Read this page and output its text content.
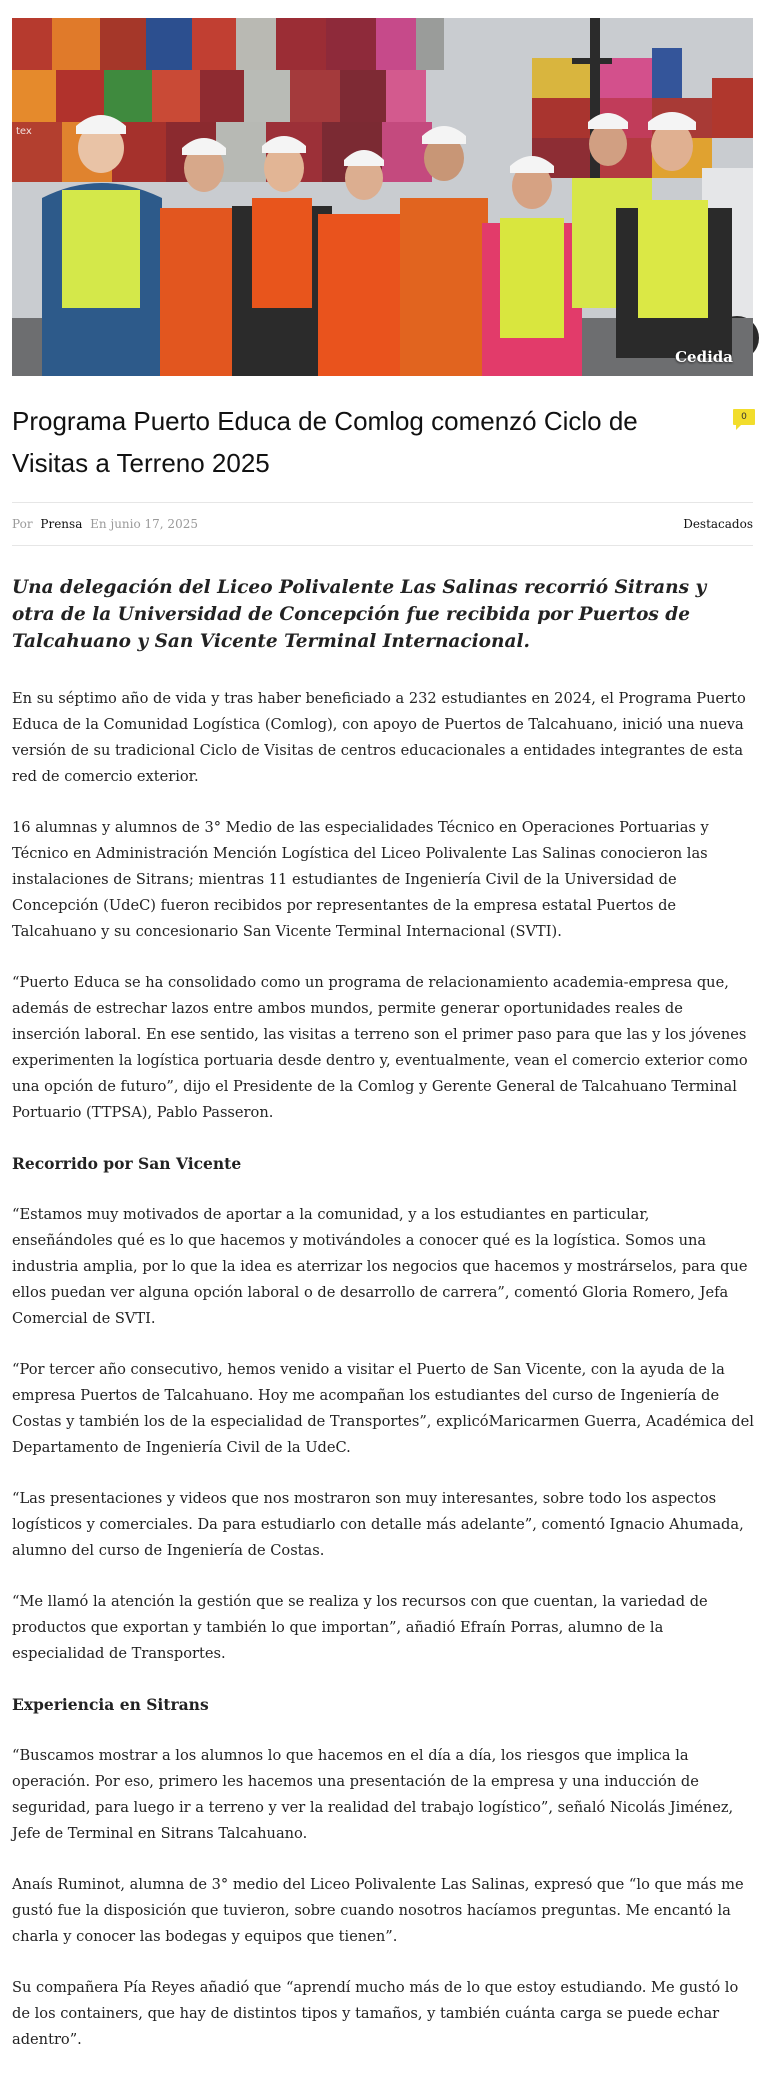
tex
Cedida
Programa Puerto Educa de Comlog comenzó Ciclo de Visitas a Terreno 2025
0
Por Prensa En junio 17, 2025	Destacados
Una delegación del Liceo Polivalente Las Salinas recorrió Sitrans y otra de la Universidad de Concepción fue recibida por Puertos de Talcahuano y San Vicente Terminal Internacional.

En su séptimo año de vida y tras haber beneficiado a 232 estudiantes en 2024, el Programa Puerto Educa de la Comunidad Logística (Comlog), con apoyo de Puertos de Talcahuano, inició una nueva versión de su tradicional Ciclo de Visitas de centros educacionales a entidades integrantes de esta red de comercio exterior.

16 alumnas y alumnos de 3° Medio de las especialidades Técnico en Operaciones Portuarias y Técnico en Administración Mención Logística del Liceo Polivalente Las Salinas conocieron las instalaciones de Sitrans; mientras 11 estudiantes de Ingeniería Civil de la Universidad de Concepción (UdeC) fueron recibidos por representantes de la empresa estatal Puertos de Talcahuano y su concesionario San Vicente Terminal Internacional (SVTI).

“Puerto Educa se ha consolidado como un programa de relacionamiento academia-empresa que, además de estrechar lazos entre ambos mundos, permite generar oportunidades reales de inserción laboral. En ese sentido, las visitas a terreno son el primer paso para que las y los jóvenes experimenten la logística portuaria desde dentro y, eventualmente, vean el comercio exterior como una opción de futuro”, dijo el Presidente de la Comlog y Gerente General de Talcahuano Terminal Portuario (TTPSA), Pablo Passeron.

Recorrido por San Vicente

“Estamos muy motivados de aportar a la comunidad, y a los estudiantes en particular, enseñándoles qué es lo que hacemos y motivándoles a conocer qué es la logística. Somos una industria amplia, por lo que la idea es aterrizar los negocios que hacemos y mostrárselos, para que ellos puedan ver alguna opción laboral o de desarrollo de carrera”, comentó Gloria Romero, Jefa Comercial de SVTI.

“Por tercer año consecutivo, hemos venido a visitar el Puerto de San Vicente, con la ayuda de la empresa Puertos de Talcahuano. Hoy me acompañan los estudiantes del curso de Ingeniería de Costas y también los de la especialidad de Transportes”, explicóMaricarmen Guerra, Académica del Departamento de Ingeniería Civil de la UdeC.

“Las presentaciones y videos que nos mostraron son muy interesantes, sobre todo los aspectos logísticos y comerciales. Da para estudiarlo con detalle más adelante”, comentó Ignacio Ahumada, alumno del curso de Ingeniería de Costas.

“Me llamó la atención la gestión que se realiza y los recursos con que cuentan, la variedad de productos que exportan y también lo que importan”, añadió Efraín Porras, alumno de la especialidad de Transportes.

Experiencia en Sitrans

“Buscamos mostrar a los alumnos lo que hacemos en el día a día, los riesgos que implica la operación. Por eso, primero les hacemos una presentación de la empresa y una inducción de seguridad, para luego ir a terreno y ver la realidad del trabajo logístico”, señaló Nicolás Jiménez, Jefe de Terminal en Sitrans Talcahuano.

Anaís Ruminot, alumna de 3° medio del Liceo Polivalente Las Salinas, expresó que “lo que más me gustó fue la disposición que tuvieron, sobre cuando nosotros hacíamos preguntas. Me encantó la charla y conocer las bodegas y equipos que tienen”.

Su compañera Pía Reyes añadió que “aprendí mucho más de lo que estoy estudiando. Me gustó lo de los containers, que hay de distintos tipos y tamaños, y también cuánta carga se puede echar adentro”.
